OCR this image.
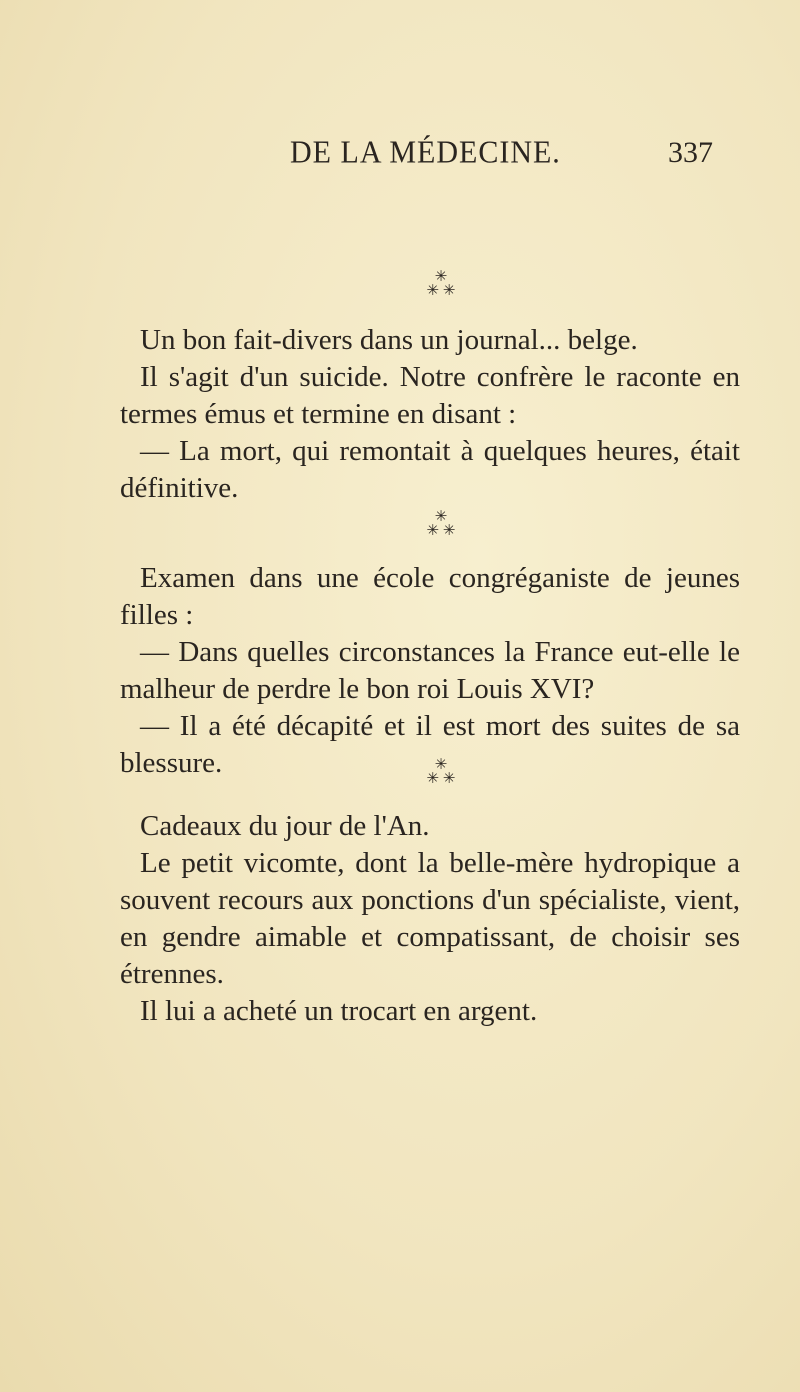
DE LA MÉDECINE.	337
✳
✳ ✳

Un bon fait-divers dans un journal... belge.

Il s'agit d'un suicide. Notre confrère le raconte en termes émus et termine en disant :

— La mort, qui remontait à quelques heures, était définitive.

✳
✳ ✳

Examen dans une école congréganiste de jeunes filles :

— Dans quelles circonstances la France eut-elle le malheur de perdre le bon roi Louis XVI?

— Il a été décapité et il est mort des suites de sa blessure.	✳
✳ ✳

Cadeaux du jour de l'An.

Le petit vicomte, dont la belle-mère hydropique a souvent recours aux ponctions d'un spécialiste, vient, en gendre aimable et compatissant, de choisir ses étrennes.

Il lui a acheté un trocart en argent.
